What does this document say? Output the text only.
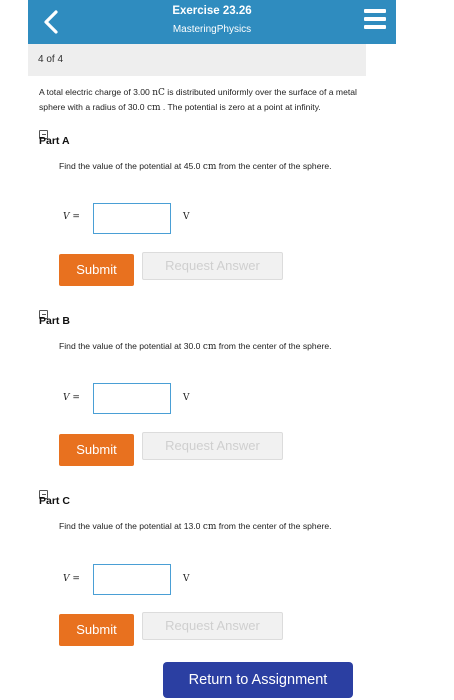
Exercise 23.26
MasteringPhysics
4 of 4
A total electric charge of 3.00 nC is distributed uniformly over the surface of a metal sphere with a radius of 30.0 cm . The potential is zero at a point at infinity.
Part A
Find the value of the potential at 45.0 cm from the center of the sphere.
V =	V
Submit	Request Answer
Part B
Find the value of the potential at 30.0 cm from the center of the sphere.
V =	V
Submit	Request Answer
Part C
Find the value of the potential at 13.0 cm from the center of the sphere.
V =	V
Submit	Request Answer
Return to Assignment
